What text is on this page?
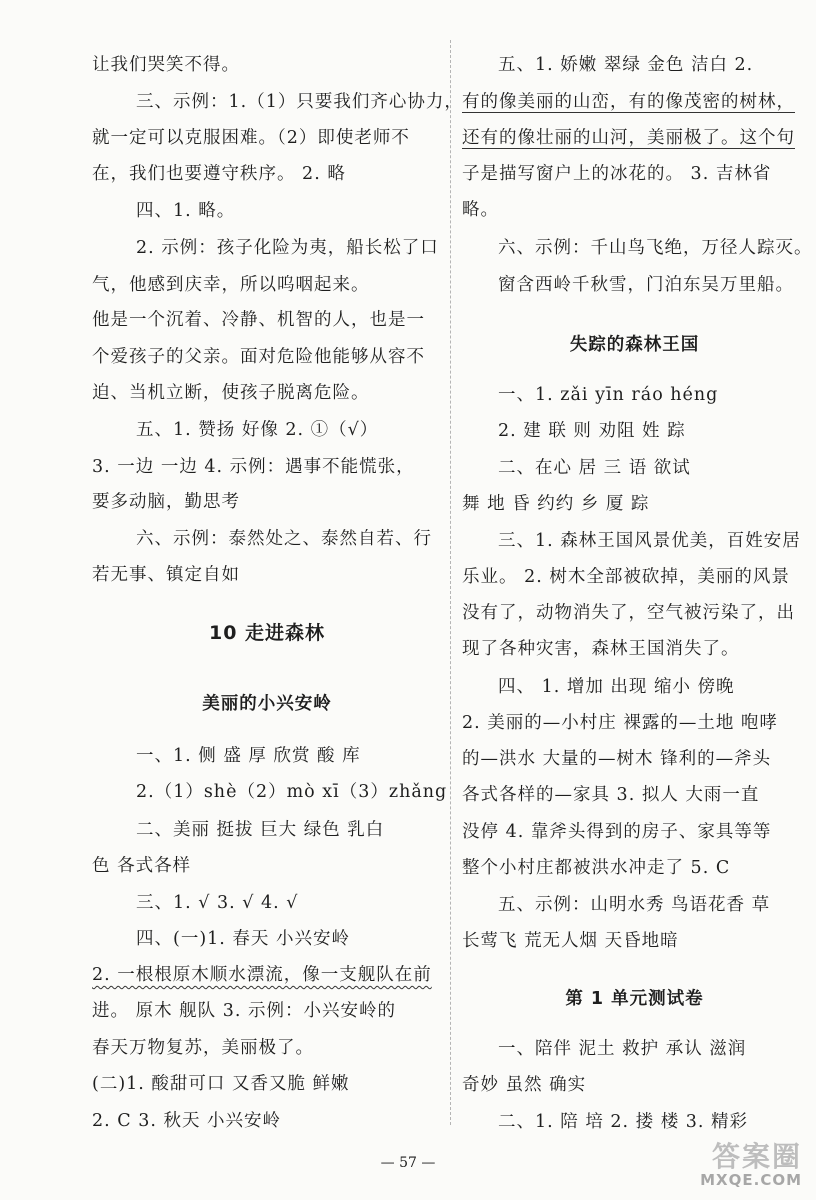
让我们哭笑不得。
三、示例：1.（1）只要我们齐心协力，
就一定可以克服困难。（2）即使老师不
在，我们也要遵守秩序。 2. 略
四、1. 略。
2. 示例：孩子化险为夷，船长松了口
气，他感到庆幸，所以呜咽起来。
他是一个沉着、冷静、机智的人，也是一
个爱孩子的父亲。面对危险他能够从容不
迫、当机立断，使孩子脱离危险。
五、1. 赞扬 好像 2. ①（√）
3. 一边 一边 4. 示例：遇事不能慌张，
要多动脑，勤思考
六、示例：泰然处之、泰然自若、行
若无事、镇定自如
10 走进森林
美丽的小兴安岭
一、1. 侧 盛 厚 欣赏 酸 库
2.（1）shè（2）mò xī（3）zhǎng
二、美丽 挺拔 巨大 绿色 乳白
色 各式各样
三、1. √ 3. √ 4. √
四、(一)1. 春天 小兴安岭
2. 一根根原木顺水漂流，像一支舰队在前
进。 原木 舰队 3. 示例：小兴安岭的
春天万物复苏，美丽极了。
(二)1. 酸甜可口 又香又脆 鲜嫩
2. C 3. 秋天 小兴安岭
五、1. 娇嫩 翠绿 金色 洁白 2.
有的像美丽的山峦，有的像茂密的树林，
还有的像壮丽的山河，美丽极了。这个句
子是描写窗户上的冰花的。 3. 吉林省
略。
六、示例：千山鸟飞绝，万径人踪灭。
窗含西岭千秋雪，门泊东吴万里船。
失踪的森林王国
一、1. zǎi yīn ráo héng
2. 建 联 则 劝阻 姓 踪
二、在心 居 三 语 欲试
舞 地 昏 约约 乡 厦 踪
三、1. 森林王国风景优美，百姓安居
乐业。 2. 树木全部被砍掉，美丽的风景
没有了，动物消失了，空气被污染了，出
现了各种灾害，森林王国消失了。
四、 1. 增加 出现 缩小 傍晚
2. 美丽的—小村庄 裸露的—土地 咆哮
的—洪水 大量的—树木 锋利的—斧头
各式各样的—家具 3. 拟人 大雨一直
没停 4. 靠斧头得到的房子、家具等等
整个小村庄都被洪水冲走了 5. C
五、示例：山明水秀 鸟语花香 草
长莺飞 荒无人烟 天昏地暗
第 1 单元测试卷
一、陪伴 泥土 救护 承认 滋润
奇妙 虽然 确实
二、1. 陪 培 2. 搂 楼 3. 精彩
— 57 —	答案圈
MXQE.COM
